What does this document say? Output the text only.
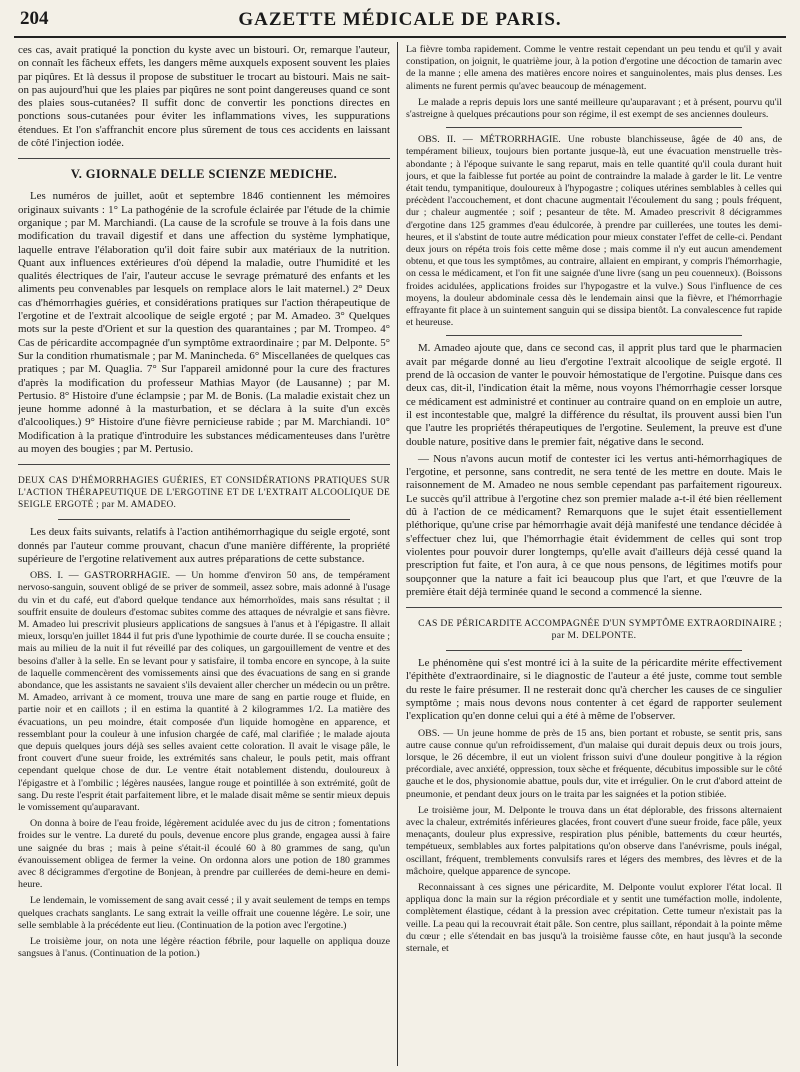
204	GAZETTE MÉDICALE DE PARIS.

ces cas, avait pratiqué la ponction du kyste avec un bistouri. Or, remarque l'auteur, on connaît les fâcheux effets, les dangers même auxquels exposent souvent les plaies par piqûres. Et là dessus il propose de substituer le trocart au bistouri. Mais ne sait-on pas aujourd'hui que les plaies par piqûres ne sont point dangereuses quand ce sont des plaies sous-cutanées? Il suffit donc de convertir les ponctions directes en ponctions sous-cutanées pour éviter les inflammations vives, les suppurations étendues. Et l'on s'affranchit encore plus sûrement de tous ces accidents en laissant de côté l'injection iodée.

V. GIORNALE DELLE SCIENZE MEDICHE.

Les numéros de juillet, août et septembre 1846 contiennent les mémoires originaux suivants : 1° La pathogénie de la scrofule éclairée par l'étude de la chimie organique ; par M. Marchiandi. (La cause de la scrofule se trouve à la fois dans une modification du travail digestif et dans une affection du système lymphatique, laquelle entrave l'élaboration qu'il doit faire subir aux matériaux de la nutrition. Quant aux influences extérieures d'où dépend la maladie, outre l'humidité et les qualités électriques de l'air, l'auteur accuse le sevrage prématuré des enfants et les aliments peu convenables par lesquels on remplace alors le lait maternel.) 2° Deux cas d'hémorrhagies guéries, et considérations pratiques sur l'action thérapeutique de l'ergotine et de l'extrait alcoolique de seigle ergoté ; par M. Amadeo. 3° Quelques mots sur la peste d'Orient et sur la question des quarantaines ; par M. Trompeo. 4° Cas de péricardite accompagnée d'un symptôme extraordinaire ; par M. Delponte. 5° Sur la condition rhumatismale ; par M. Manincheda. 6° Miscellanées de quelques cas pratiques ; par M. Quaglia. 7° Sur l'appareil amidonné pour la cure des fractures d'après la modification du professeur Mathias Mayor (de Lausanne) ; par M. Pertusio. 8° Histoire d'une éclampsie ; par M. de Bonis. (La maladie existait chez un jeune homme adonné à la masturbation, et se déclara à la suite d'un excès d'alcooliques.) 9° Histoire d'une fièvre pernicieuse rabide ; par M. Marchiandi. 10° Modification à la pratique d'introduire les substances médicamenteuses dans l'urètre au moyen des bougies ; par M. Pertusio.

DEUX CAS D'HÉMORRHAGIES GUÉRIES, ET CONSIDÉRATIONS PRATIQUES SUR L'ACTION THÉRAPEUTIQUE DE L'ERGOTINE ET DE L'EXTRAIT ALCOOLIQUE DE SEIGLE ERGOTÉ ; par M. AMADEO.

Les deux faits suivants, relatifs à l'action antihémorrhagique du seigle ergoté, sont donnés par l'auteur comme prouvant, chacun d'une manière différente, la propriété supérieure de l'ergotine relativement aux autres préparations de cette substance.

OBS. I. — GASTRORRHAGIE. — Un homme d'environ 50 ans, de tempérament nervoso-sanguin, souvent obligé de se priver de sommeil, assez sobre, mais adonné à l'usage du vin et du café, eut d'abord quelque tendance aux hémorrhoïdes, mais sans résultat ; il souffrit ensuite de douleurs d'estomac subites comme des attaques de névralgie et sans fièvre. M. Amadeo lui prescrivit plusieurs applications de sangsues à l'anus et à l'épigastre. Il allait mieux, lorsqu'en juillet 1844 il fut pris d'une lypothimie de courte durée. Il se coucha ensuite ; mais au milieu de la nuit il fut réveillé par des coliques, un gargouillement de ventre et des besoins d'aller à la selle. En se levant pour y satisfaire, il tomba encore en syncope, à la suite de laquelle commencèrent des vomissements ainsi que des évacuations de sang en si grande abondance, que les assistants ne savaient s'ils devaient aller chercher un médecin ou un prêtre. M. Amadeo, arrivant à ce moment, trouva une mare de sang en partie rouge et fluide, en partie noir et en caillots ; il en estima la quantité à 2 kilogrammes 1/2. La matière des évacuations, un peu moindre, était composée d'un liquide homogène en apparence, et ressemblant pour la couleur à une infusion chargée de café, mal clarifiée ; le malade ajouta que depuis quelques jours déjà ses selles avaient cette coloration. Il avait le visage pâle, le front couvert d'une sueur froide, les extrémités sans chaleur, le pouls petit, mais offrant cependant quelque chose de dur. Le ventre était notablement distendu, douloureux à l'épigastre et à l'ombilic ; légères nausées, langue rouge et pointillée à son extrémité, goût de sang. Du reste l'esprit était parfaitement libre, et le malade disait même se sentir mieux depuis le vomissement qu'auparavant.

On donna à boire de l'eau froide, légèrement acidulée avec du jus de citron ; fomentations froides sur le ventre. La dureté du pouls, devenue encore plus grande, engagea aussi à faire une saignée du bras ; mais à peine s'était-il écoulé 60 à 80 grammes de sang, qu'un évanouissement obligea de fermer la veine. On ordonna alors une potion de 180 grammes avec 8 décigrammes d'ergotine de Bonjean, à prendre par cuillerées de demi-heure en demi-heure.

Le lendemain, le vomissement de sang avait cessé ; il y avait seulement de temps en temps quelques crachats sanglants. Le sang extrait la veille offrait une couenne légère. Le soir, une selle semblable à la précédente eut lieu. (Continuation de la potion avec l'ergotine.)

Le troisième jour, on nota une légère réaction fébrile, pour laquelle on appliqua douze sangsues à l'anus. (Continuation de la potion.)

La fièvre tomba rapidement. Comme le ventre restait cependant un peu tendu et qu'il y avait constipation, on joignit, le quatrième jour, à la potion d'ergotine une décoction de tamarin avec de la manne ; elle amena des matières encore noires et sanguinolentes, mais plus denses. Les aliments ne furent permis qu'avec beaucoup de ménagement.

Le malade a repris depuis lors une santé meilleure qu'auparavant ; et à présent, pourvu qu'il s'astreigne à quelques précautions pour son régime, il est exempt de ses anciennes douleurs.

OBS. II. — MÉTRORRHAGIE. Une robuste blanchisseuse, âgée de 40 ans, de tempérament bilieux, toujours bien portante jusque-là, eut une évacuation menstruelle très-abondante ; à l'époque suivante le sang reparut, mais en telle quantité qu'il coula durant huit jours, et que la faiblesse fut portée au point de contraindre la malade à garder le lit. Le ventre était tendu, tympanitique, douloureux à l'hypogastre ; coliques utérines semblables à celles qui précèdent l'accouchement, et dont chacune augmentait l'écoulement du sang ; pouls fréquent, dur ; chaleur augmentée ; soif ; pesanteur de tête. M. Amadeo prescrivit 8 décigrammes d'ergotine dans 125 grammes d'eau édulcorée, à prendre par cuillerées, une toutes les demi-heures, et il s'abstint de toute autre médication pour mieux constater l'effet de celle-ci. Pendant deux jours on répéta trois fois cette même dose ; mais comme il n'y eut aucun amendement obtenu, et que tous les symptômes, au contraire, allaient en empirant, y compris l'hémorrhagie, on cessa le médicament, et l'on fit une saignée d'une livre (sang un peu couenneux). (Boissons froides acidulées, applications froides sur l'hypogastre et la vulve.) Sous l'influence de ces moyens, la douleur abdominale cessa dès le lendemain ainsi que la fièvre, et l'hémorrhagie effrayante fit place à un suintement sanguin qui se dissipa bientôt. La convalescence fut rapide et heureuse.

M. Amadeo ajoute que, dans ce second cas, il apprit plus tard que le pharmacien avait par mégarde donné au lieu d'ergotine l'extrait alcoolique de seigle ergoté. Il prend de là occasion de vanter le pouvoir hémostatique de l'ergotine. Puisque dans ces deux cas, dit-il, l'indication était la même, nous voyons l'hémorrhagie cesser lorsque ce médicament est administré et continuer au contraire quand on en emploie un autre, il est incontestable que, malgré la différence du résultat, ils prouvent aussi bien l'un que l'autre les propriétés thérapeutiques de l'ergotine. Seulement, la preuve est d'une double nature, positive dans le premier fait, négative dans le second.

— Nous n'avons aucun motif de contester ici les vertus anti-hémorrhagiques de l'ergotine, et personne, sans contredit, ne sera tenté de les mettre en doute. Mais le raisonnement de M. Amadeo ne nous semble cependant pas parfaitement rigoureux. Le succès qu'il attribue à l'ergotine chez son premier malade a-t-il été bien réellement dû à l'action de ce médicament? Remarquons que le sujet était essentiellement pléthorique, qu'une crise par hémorrhagie avait déjà manifesté une tendance décidée à s'effectuer chez lui, que l'hémorrhagie était évidemment de celles qui sont trop violentes pour pouvoir durer longtemps, qu'elle avait d'ailleurs déjà cessé quand la prescription fut faite, et l'on aura, à ce que nous pensons, de légitimes motifs pour soupçonner que la nature a fait ici beaucoup plus que l'art, et que l'œuvre de la première était déjà terminée quand le second a commencé la sienne.

CAS DE PÉRICARDITE ACCOMPAGNÉE D'UN SYMPTÔME EXTRAORDINAIRE ; par M. DELPONTE.

Le phénomène qui s'est montré ici à la suite de la péricardite mérite effectivement l'épithète d'extraordinaire, si le diagnostic de l'auteur a été juste, comme tout semble du reste le faire présumer. Il ne resterait donc qu'à chercher les causes de ce singulier symptôme ; mais nous devons nous contenter à cet égard de rapporter seulement l'explication qu'en donne celui qui a été à même de l'observer.

OBS. — Un jeune homme de près de 15 ans, bien portant et robuste, se sentit pris, sans autre cause connue qu'un refroidissement, d'un malaise qui durait depuis deux ou trois jours, lorsque, le 26 décembre, il eut un violent frisson suivi d'une douleur pongitive à la région précordiale, avec anxiété, oppression, toux sèche et fréquente, décubitus impossible sur le côté gauche et le dos, physionomie abattue, pouls dur, vite et irrégulier. On le crut d'abord atteint de pneumonie, et pendant deux jours on le traita par les saignées et la potion stibiée.

Le troisième jour, M. Delponte le trouva dans un état déplorable, des frissons alternaient avec la chaleur, extrémités inférieures glacées, front couvert d'une sueur froide, face pâle, yeux menaçants, douleur plus expressive, respiration plus pénible, battements du cœur heurtés, tempétueux, semblables aux fortes palpitations qu'on observe dans l'anévrisme, pouls inégal, oscillant, fréquent, tremblements convulsifs rares et légers des membres, des lèvres et de la mâchoire, quelque apparence de syncope.

Reconnaissant à ces signes une péricardite, M. Delponte voulut explorer l'état local. Il appliqua donc la main sur la région précordiale et y sentit une tuméfaction molle, indolente, complètement élastique, cédant à la pression avec crépitation. Cette tumeur n'existait pas la veille. La peau qui la recouvrait était pâle. Son centre, plus saillant, répondait à la pointe même du cœur ; elle s'étendait en bas jusqu'à la troisième fausse côte, en haut jusqu'à la seconde sternale, et
